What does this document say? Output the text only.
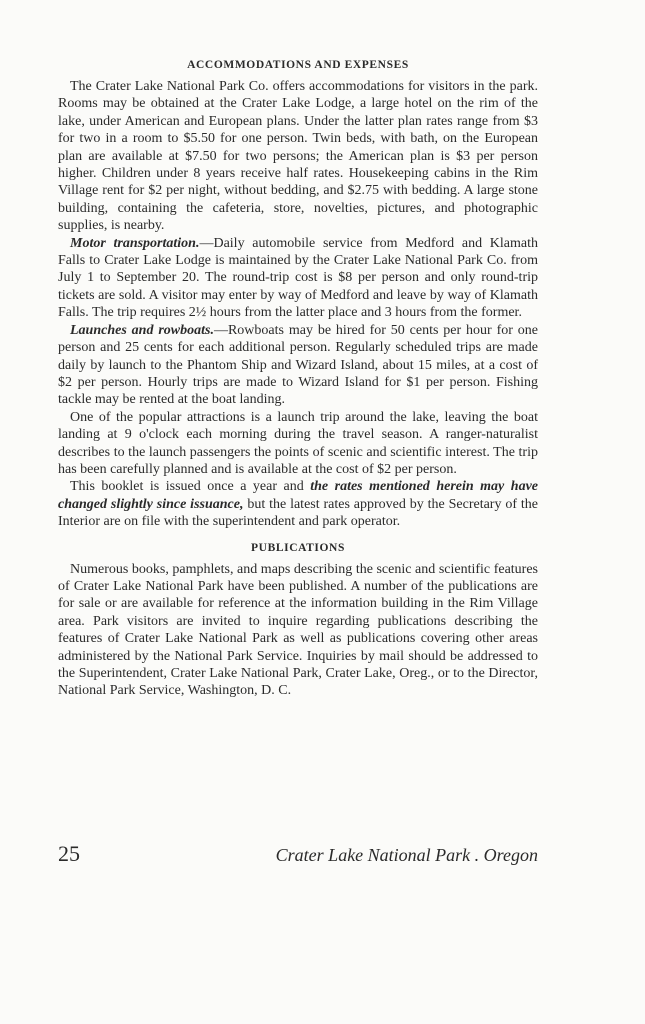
ACCOMMODATIONS AND EXPENSES

The Crater Lake National Park Co. offers accommodations for visitors in the park. Rooms may be obtained at the Crater Lake Lodge, a large hotel on the rim of the lake, under American and European plans. Under the latter plan rates range from $3 for two in a room to $5.50 for one person. Twin beds, with bath, on the European plan are available at $7.50 for two persons; the American plan is $3 per person higher. Children under 8 years receive half rates. Housekeeping cabins in the Rim Village rent for $2 per night, without bedding, and $2.75 with bedding. A large stone building, containing the cafeteria, store, novelties, pictures, and photographic supplies, is nearby.

Motor transportation.—Daily automobile service from Medford and Klamath Falls to Crater Lake Lodge is maintained by the Crater Lake National Park Co. from July 1 to September 20. The round-trip cost is $8 per person and only round-trip tickets are sold. A visitor may enter by way of Medford and leave by way of Klamath Falls. The trip requires 2½ hours from the latter place and 3 hours from the former.

Launches and rowboats.—Rowboats may be hired for 50 cents per hour for one person and 25 cents for each additional person. Regularly scheduled trips are made daily by launch to the Phantom Ship and Wizard Island, about 15 miles, at a cost of $2 per person. Hourly trips are made to Wizard Island for $1 per person. Fishing tackle may be rented at the boat landing.

One of the popular attractions is a launch trip around the lake, leaving the boat landing at 9 o'clock each morning during the travel season. A ranger-naturalist describes to the launch passengers the points of scenic and scientific interest. The trip has been carefully planned and is available at the cost of $2 per person.

This booklet is issued once a year and the rates mentioned herein may have changed slightly since issuance, but the latest rates approved by the Secretary of the Interior are on file with the superintendent and park operator.

PUBLICATIONS

Numerous books, pamphlets, and maps describing the scenic and scientific features of Crater Lake National Park have been published. A number of the publications are for sale or are available for reference at the information building in the Rim Village area. Park visitors are invited to inquire regarding publications describing the features of Crater Lake National Park as well as publications covering other areas administered by the National Park Service. Inquiries by mail should be addressed to the Superintendent, Crater Lake National Park, Crater Lake, Oreg., or to the Director, National Park Service, Washington, D. C.

25	Crater Lake National Park . Oregon
